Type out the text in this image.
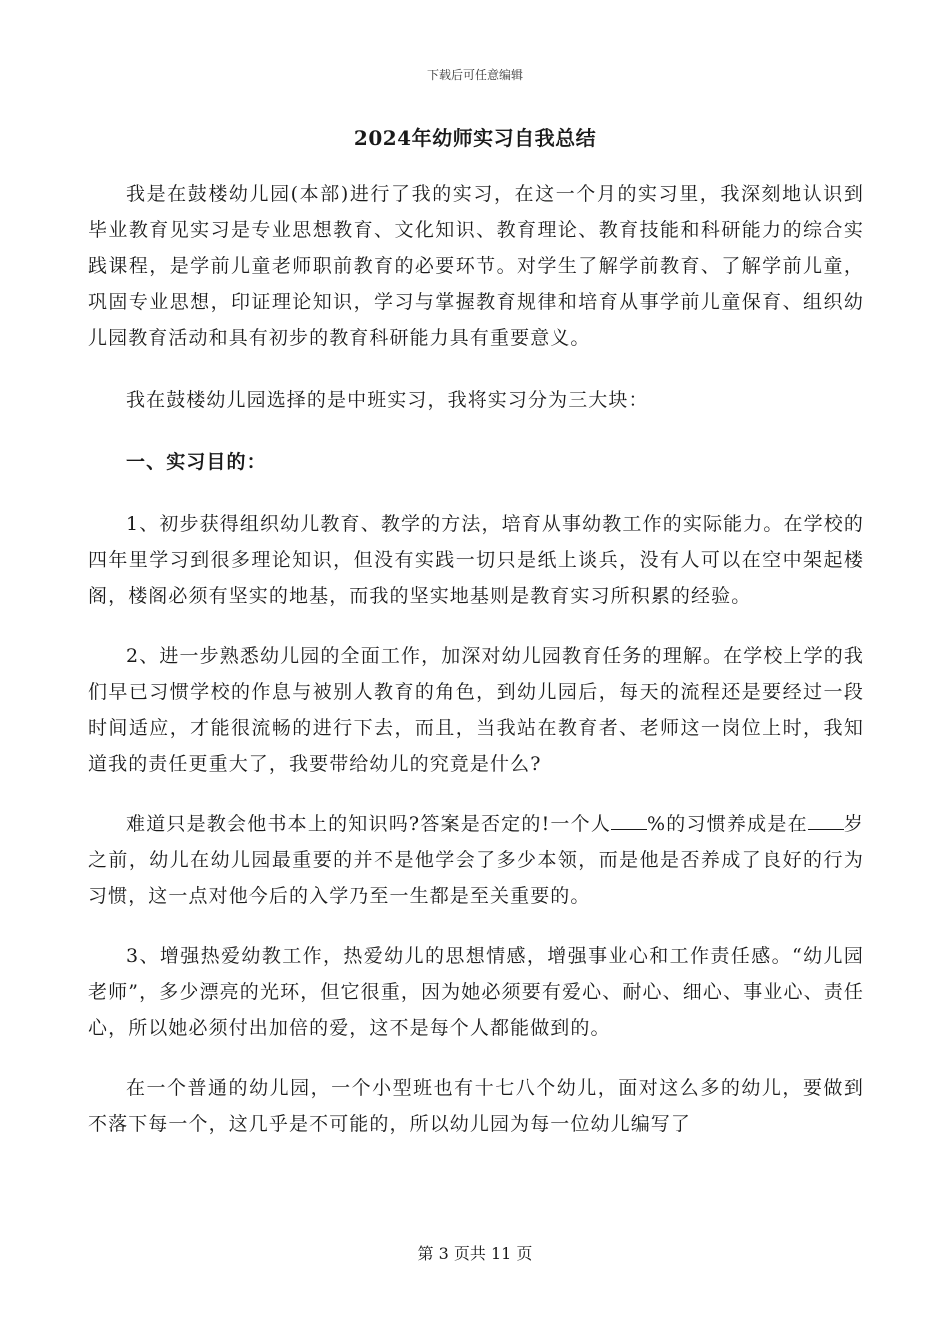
下载后可任意编辑
2024年幼师实习自我总结

我是在鼓楼幼儿园(本部)进行了我的实习，在这一个月的实习里，我深刻地认识到毕业教育见实习是专业思想教育、文化知识、教育理论、教育技能和科研能力的综合实践课程，是学前儿童老师职前教育的必要环节。对学生了解学前教育、了解学前儿童，巩固专业思想，印证理论知识，学习与掌握教育规律和培育从事学前儿童保育、组织幼儿园教育活动和具有初步的教育科研能力具有重要意义。

我在鼓楼幼儿园选择的是中班实习，我将实习分为三大块：

一、实习目的：

1、初步获得组织幼儿教育、教学的方法，培育从事幼教工作的实际能力。在学校的四年里学习到很多理论知识，但没有实践一切只是纸上谈兵，没有人可以在空中架起楼阁，楼阁必须有坚实的地基，而我的坚实地基则是教育实习所积累的经验。

2、进一步熟悉幼儿园的全面工作，加深对幼儿园教育任务的理解。在学校上学的我们早已习惯学校的作息与被别人教育的角色，到幼儿园后，每天的流程还是要经过一段时间适应，才能很流畅的进行下去，而且，当我站在教育者、老师这一岗位上时，我知道我的责任更重大了，我要带给幼儿的究竟是什么?

难道只是教会他书本上的知识吗?答案是否定的!一个人 %的习惯养成是在 岁之前，幼儿在幼儿园最重要的并不是他学会了多少本领，而是他是否养成了良好的行为习惯，这一点对他今后的入学乃至一生都是至关重要的。

3、增强热爱幼教工作，热爱幼儿的思想情感，增强事业心和工作责任感。“幼儿园老师”，多少漂亮的光环，但它很重，因为她必须要有爱心、耐心、细心、事业心、责任心，所以她必须付出加倍的爱，这不是每个人都能做到的。

在一个普通的幼儿园，一个小型班也有十七八个幼儿，面对这么多的幼儿，要做到不落下每一个，这几乎是不可能的，所以幼儿园为每一位幼儿编写了

第 3 页共 11 页
